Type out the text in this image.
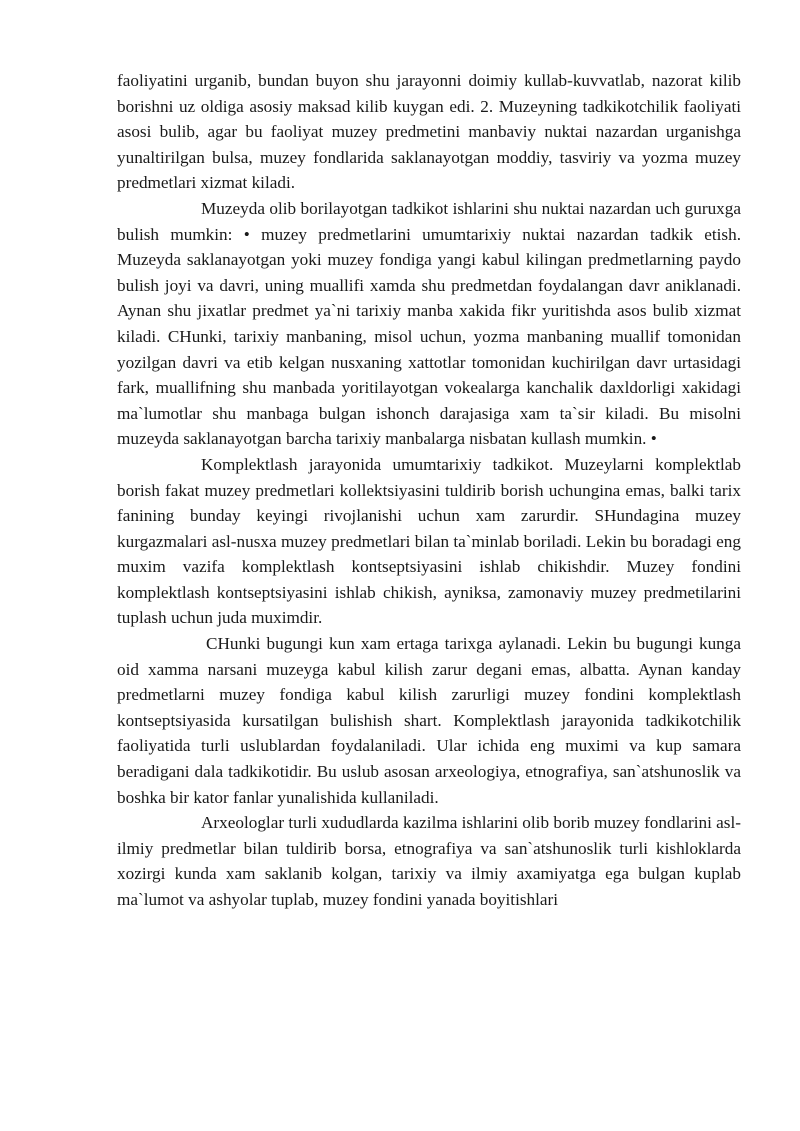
faoliyatini urganib, bundan buyon shu jarayonni doimiy kullab-kuvvatlab, nazorat kilib borishni uz oldiga asosiy maksad kilib kuygan edi. 2. Muzeyning tadkikotchilik faoliyati asosi bulib, agar bu faoliyat muzey predmetini manbaviy nuktai nazardan urganishga yunaltirilgan bulsa, muzey fondlarida saklanayotgan moddiy, tasviriy va yozma muzey predmetlari xizmat kiladi.

Muzeyda olib borilayotgan tadkikot ishlarini shu nuktai nazardan uch guruxga bulish mumkin: • muzey predmetlarini umumtarixiy nuktai nazardan tadkik etish. Muzeyda saklanayotgan yoki muzey fondiga yangi kabul kilingan predmetlarning paydo bulish joyi va davri, uning muallifi xamda shu predmetdan foydalangan davr aniklanadi. Aynan shu jixatlar predmet ya`ni tarixiy manba xakida fikr yuritishda asos bulib xizmat kiladi. CHunki, tarixiy manbaning, misol uchun, yozma manbaning muallif tomonidan yozilgan davri va etib kelgan nusxaning xattotlar tomonidan kuchirilgan davr urtasidagi fark, muallifning shu manbada yoritilayotgan vokealarga kanchalik daxldorligi xakidagi ma`lumotlar shu manbaga bulgan ishonch darajasiga xam ta`sir kiladi. Bu misolni muzeyda saklanayotgan barcha tarixiy manbalarga nisbatan kullash mumkin. •

Komplektlash jarayonida umumtarixiy tadkikot. Muzeylarni komplektlab borish fakat muzey predmetlari kollektsiyasini tuldirib borish uchungina emas, balki tarix fanining bunday keyingi rivojlanishi uchun xam zarurdir. SHundagina muzey kurgazmalari asl-nusxa muzey predmetlari bilan ta`minlab boriladi. Lekin bu boradagi eng muxim vazifa komplektlash kontseptsiyasini ishlab chikishdir. Muzey fondini komplektlash kontseptsiyasini ishlab chikish, ayniksa, zamonaviy muzey predmetilarini tuplash uchun juda muximdir.

CHunki bugungi kun xam ertaga tarixga aylanadi. Lekin bu bugungi kunga oid xamma narsani muzeyga kabul kilish zarur degani emas, albatta. Aynan kanday predmetlarni muzey fondiga kabul kilish zarurligi muzey fondini komplektlash kontseptsiyasida kursatilgan bulishish shart. Komplektlash jarayonida tadkikotchilik faoliyatida turli uslublardan foydalaniladi. Ular ichida eng muximi va kup samara beradigani dala tadkikotidir. Bu uslub asosan arxeologiya, etnografiya, san`atshunoslik va boshka bir kator fanlar yunalishida kullaniladi.

Arxeologlar turli xududlarda kazilma ishlarini olib borib muzey fondlarini asl-ilmiy predmetlar bilan tuldirib borsa, etnografiya va san`atshunoslik turli kishloklarda xozirgi kunda xam saklanib kolgan, tarixiy va ilmiy axamiyatga ega bulgan kuplab ma`lumot va ashyolar tuplab, muzey fondini yanada boyitishlari
